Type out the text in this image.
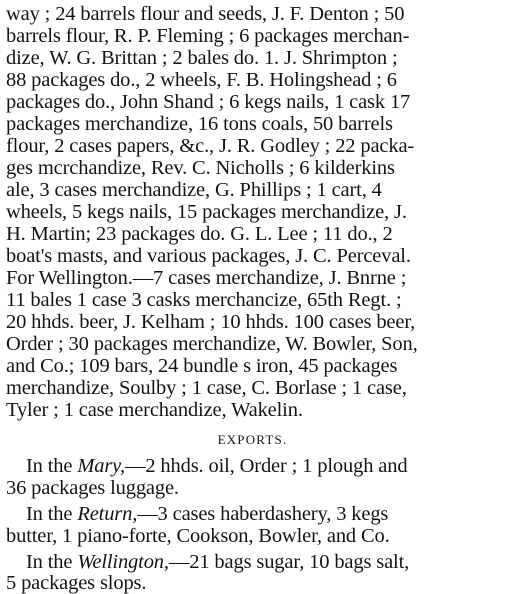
way ; 24 barrels flour and seeds, J. F. Denton ; 50
barrels flour, R. P. Fleming ; 6 packages merchan-
dize, W. G. Brittan ; 2 bales do. 1. J. Shrimpton ;
88 packages do., 2 wheels, F. B. Holingshead ; 6
packages do., John Shand ; 6 kegs nails, 1 cask 17
packages merchandize, 16 tons coals, 50 barrels
flour, 2 cases papers, &c., J. R. Godley ; 22 packa-
ges mcrchandize, Rev. C. Nicholls ; 6 kilderkins
ale, 3 cases merchandize, G. Phillips ; 1 cart, 4
wheels, 5 kegs nails, 15 packages merchandize, J.
H. Martin; 23 packages do. G. L. Lee ; 11 do., 2
boat's masts, and various packages, J. C. Perceval.
For Wellington.—7 cases merchandize, J. Bnrne ;
11 bales 1 case 3 casks merchancize, 65th Regt. ;
20 hhds. beer, J. Kelham ; 10 hhds. 100 cases beer,
Order ; 30 packages merchandize, W. Bowler, Son,
and Co.; 109 bars, 24 bundle s iron, 45 packages
merchandize, Soulby ; 1 case, C. Borlase ; 1 case,
Tyler ; 1 case merchandize, Wakelin.
EXPORTS.
In the Mary,—2 hhds. oil, Order ; 1 plough and
36 packages luggage.
In the Return,—3 cases haberdashery, 3 kegs
butter, 1 piano-forte, Cookson, Bowler, and Co.
In the Wellington,—21 bags sugar, 10 bags salt,
5 packages slops.
